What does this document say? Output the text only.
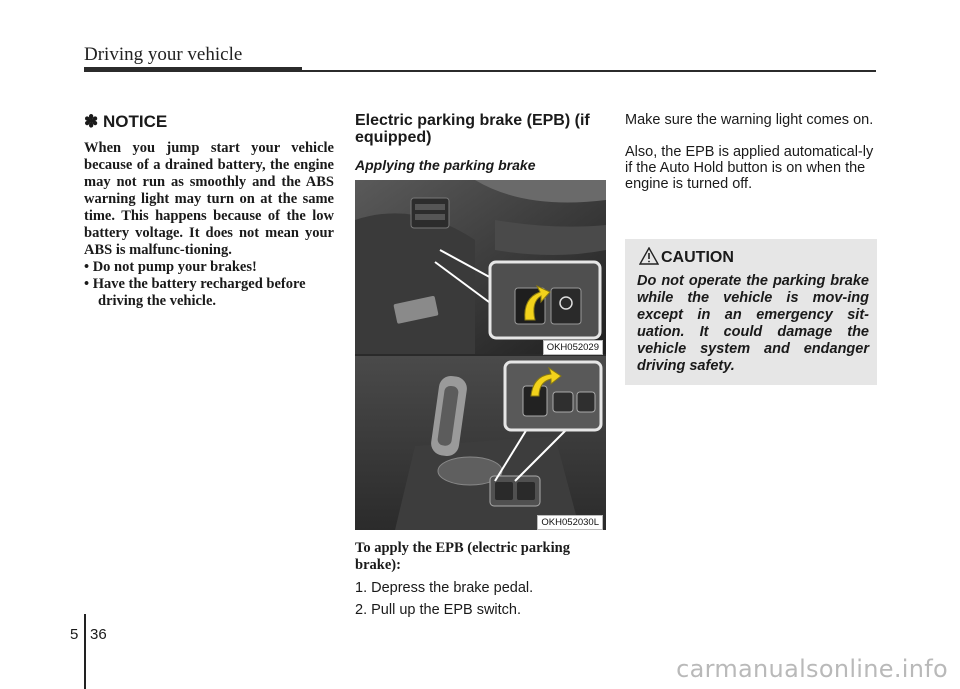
Driving your vehicle
✽ NOTICE

When you jump start your vehicle because of a drained battery, the engine may not run as smoothly and the ABS warning light may turn on at the same time. This happens because of the low battery voltage. It does not mean your ABS is malfunc-tioning.

• Do not pump your brakes!
• Have the battery recharged before driving the vehicle.
Electric parking brake (EPB) (if equipped)
Applying the parking brake
OKH052029
OKH052030L
To apply the EPB (electric parking brake):
1. Depress the brake pedal.
2. Pull up the EPB switch.

Make sure the warning light comes on.

Also, the EPB is applied automatical-ly if the Auto Hold button is on when the engine is turned off.

CAUTION

Do not operate the parking brake while the vehicle is mov-ing except in an emergency sit-uation. It could damage the vehicle system and endanger driving safety.

5 36
carmanualsonline.info
